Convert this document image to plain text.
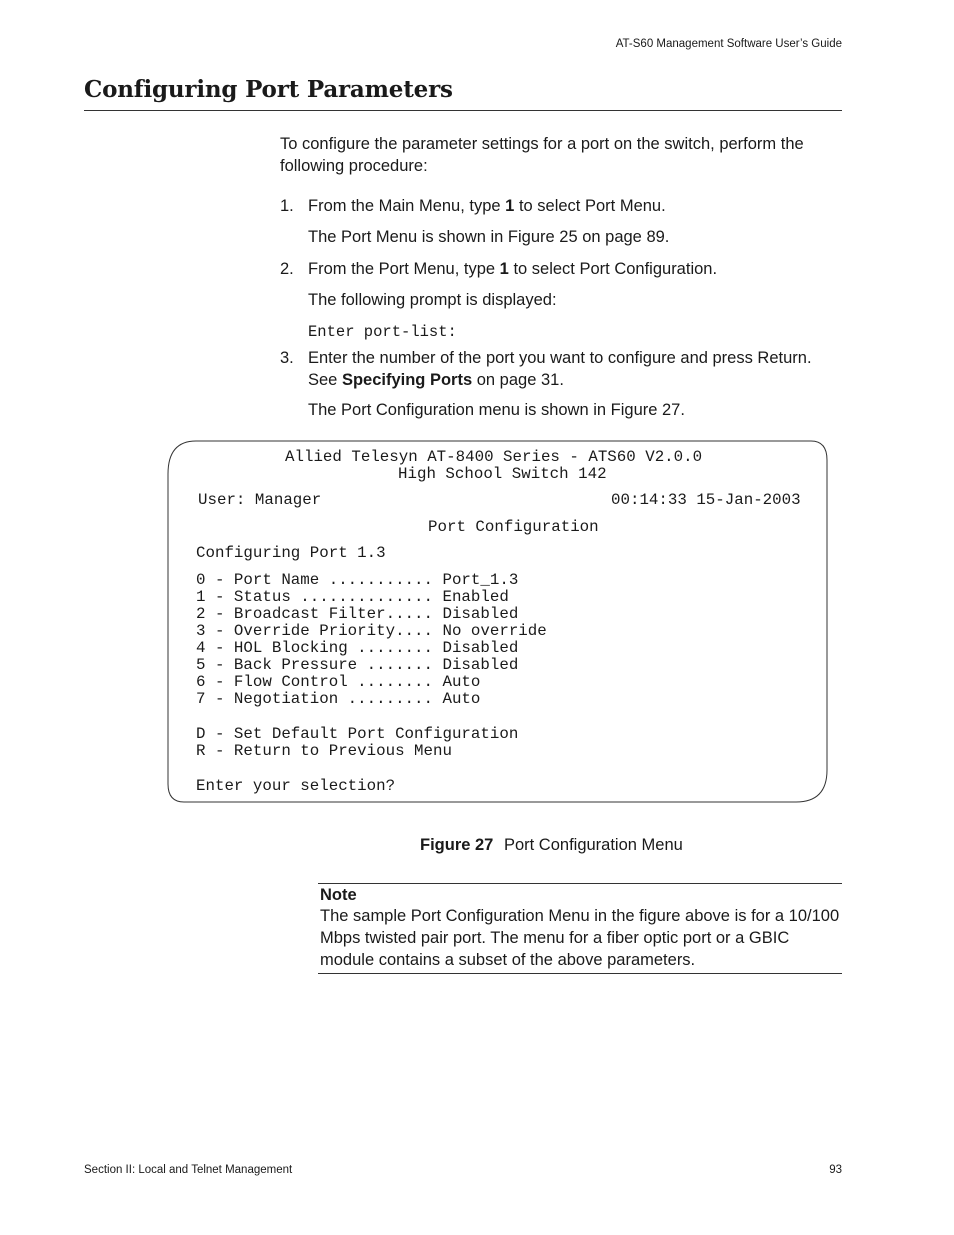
AT-S60 Management Software User’s Guide
Configuring Port Parameters
To configure the parameter settings for a port on the switch, perform the following procedure:
1. From the Main Menu, type 1 to select Port Menu.
The Port Menu is shown in Figure 25 on page 89.
2. From the Port Menu, type 1 to select Port Configuration.
The following prompt is displayed:
Enter port-list:
3. Enter the number of the port you want to configure and press Return.
See Specifying Ports on page 31.
The Port Configuration menu is shown in Figure 27.
Allied Telesyn AT-8400 Series - ATS60 V2.0.0
High School Switch 142
User: Manager	00:14:33 15-Jan-2003
Port Configuration
Configuring Port 1.3
0 - Port Name ........... Port_1.3
1 - Status .............. Enabled
2 - Broadcast Filter..... Disabled
3 - Override Priority.... No override
4 - HOL Blocking ........ Disabled
5 - Back Pressure ....... Disabled
6 - Flow Control ........ Auto
7 - Negotiation ......... Auto
D - Set Default Port Configuration
R - Return to Previous Menu
Enter your selection?
Figure 27 Port Configuration Menu
Note
The sample Port Configuration Menu in the figure above is for a 10/100 Mbps twisted pair port. The menu for a fiber optic port or a GBIC module contains a subset of the above parameters.
Section II: Local and Telnet Management	93
